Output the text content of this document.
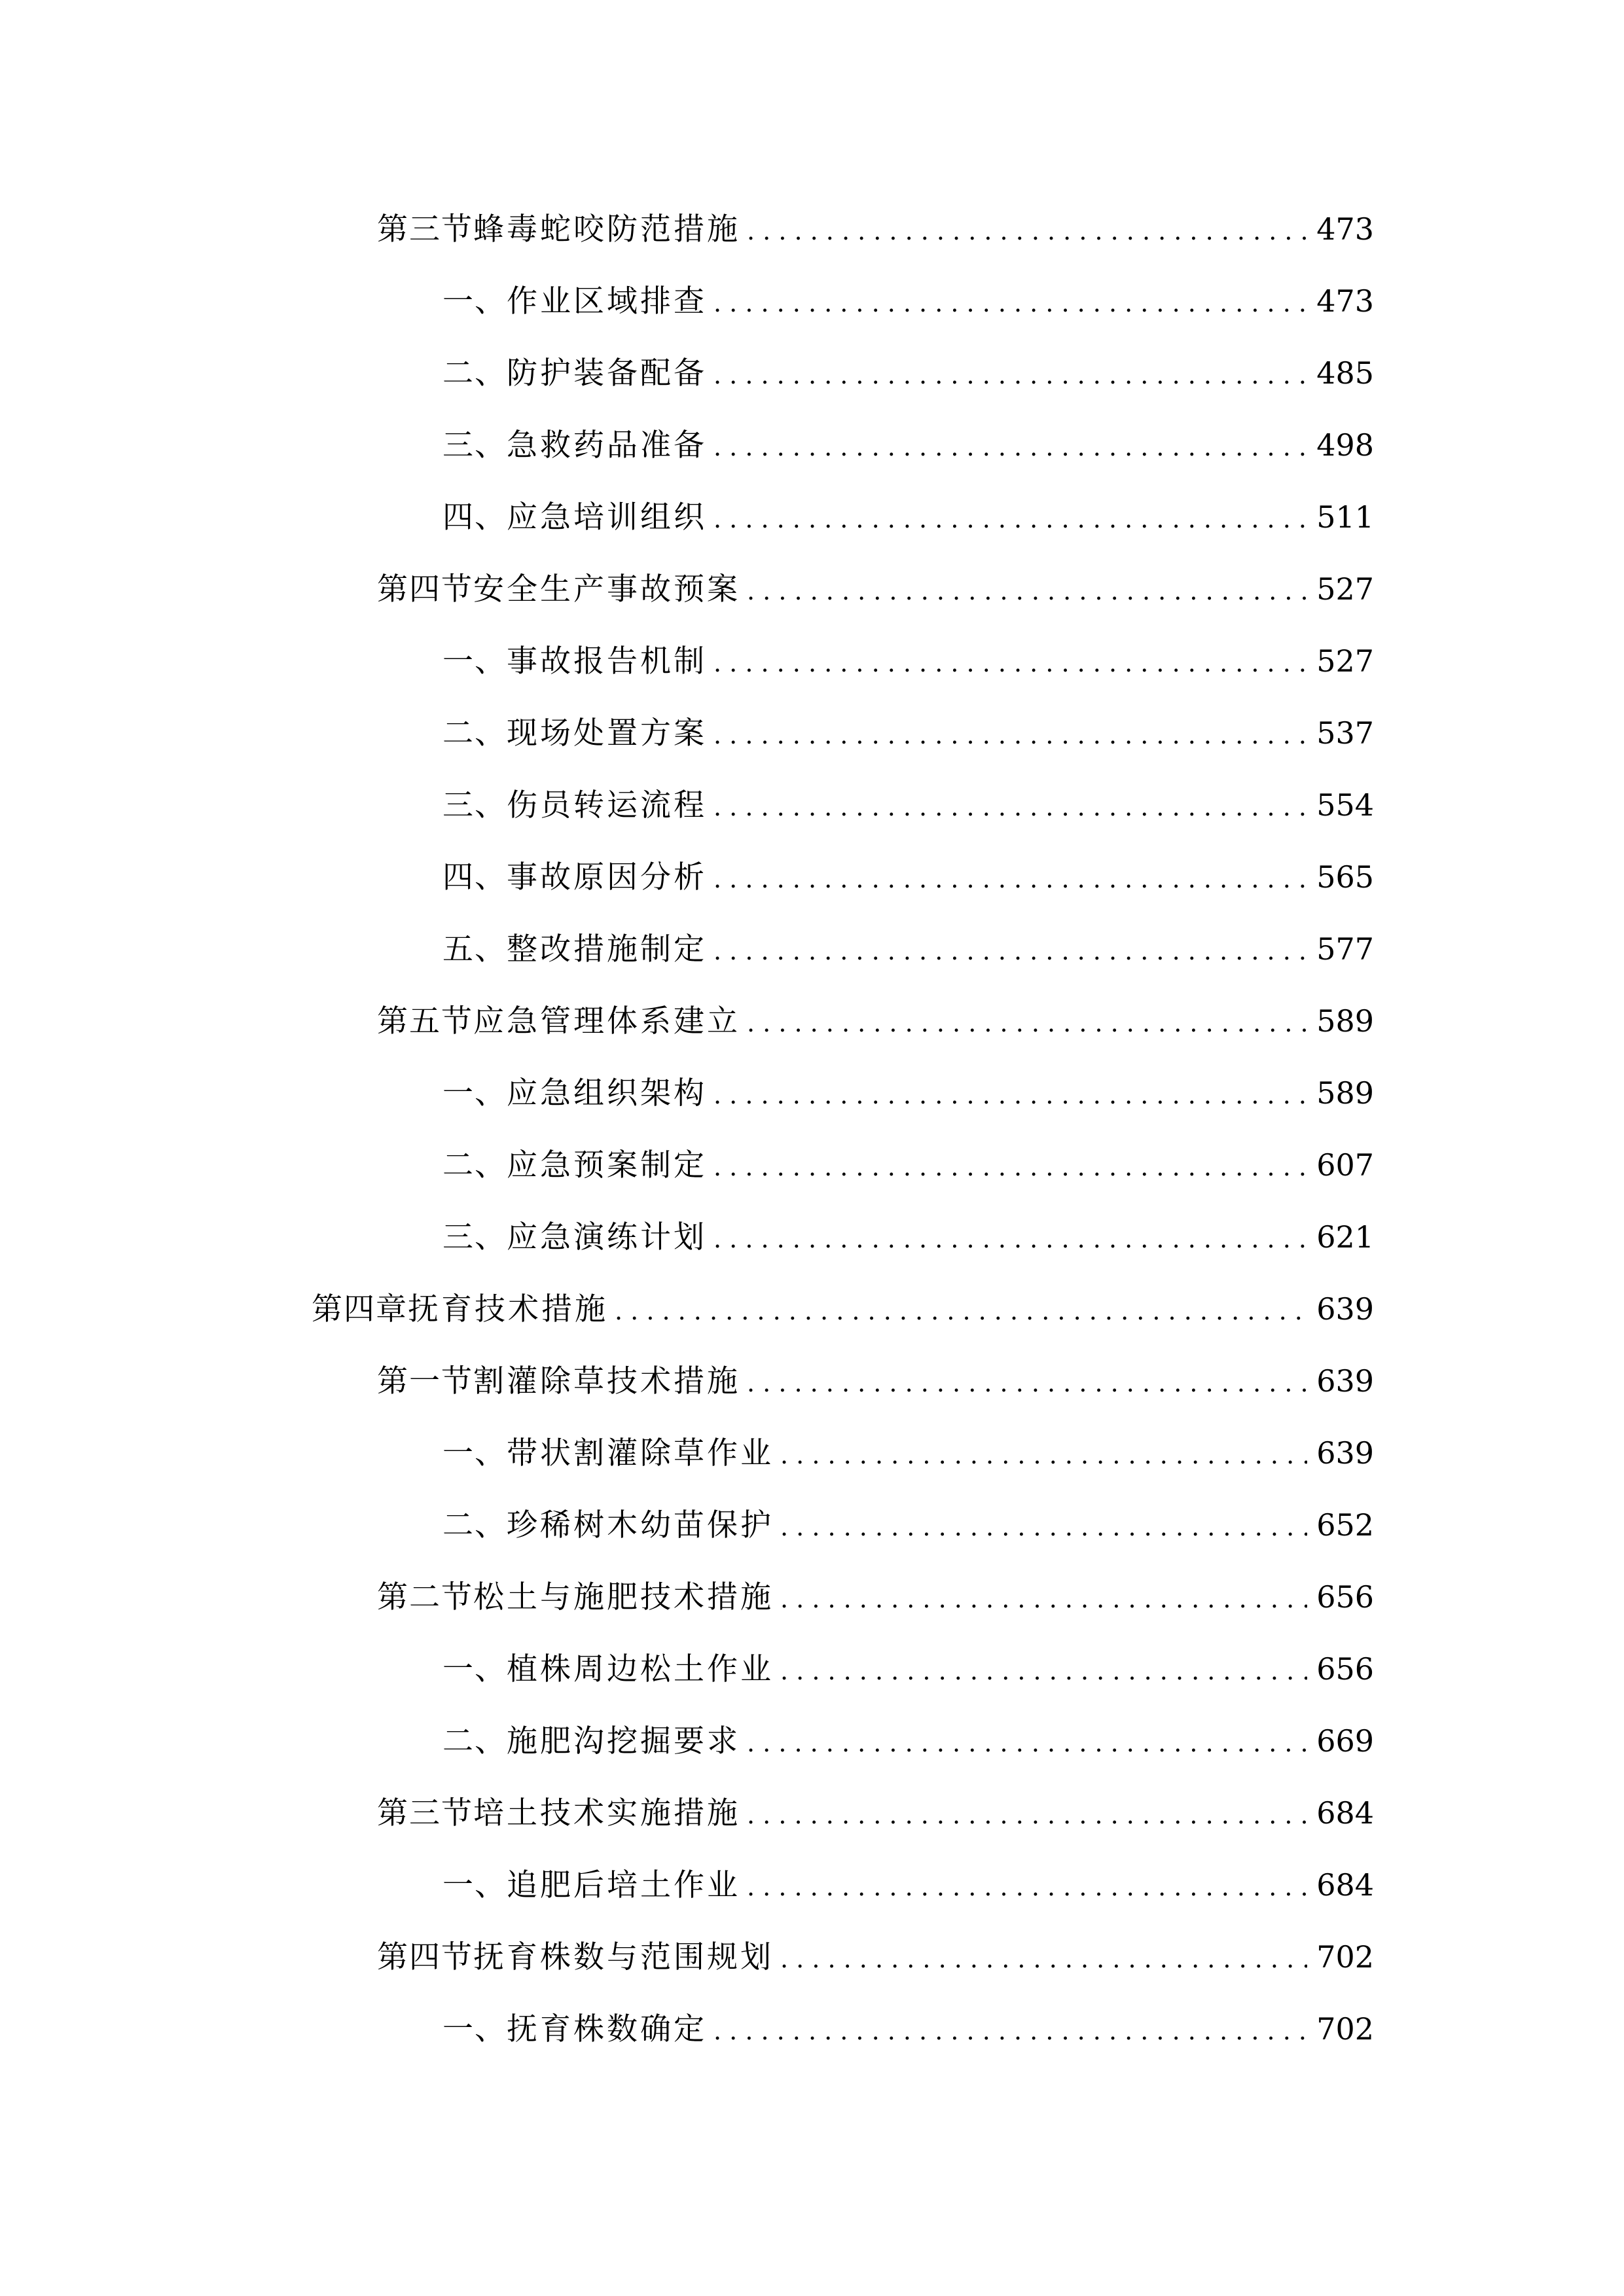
第三节 蜂毒蛇咬防范措施 . . .	473
一、 作业区域排查 . . .	473
二、 防护装备配备 . . .	485
三、 急救药品准备 . . .	498
四、 应急培训组织 . . .	511
第四节 安全生产事故预案 . . .	527
一、 事故报告机制 . . .	527
二、 现场处置方案 . . .	537
三、 伤员转运流程 . . .	554
四、 事故原因分析 . . .	565
五、 整改措施制定 . . .	577
第五节 应急管理体系建立 . . .	589
一、 应急组织架构 . . .	589
二、 应急预案制定 . . .	607
三、 应急演练计划 . . .	621
第四章 抚育技术措施 . . .	639
第一节 割灌除草技术措施 . . .	639
一、 带状割灌除草作业 . . .	639
二、 珍稀树木幼苗保护 . . .	652
第二节 松土与施肥技术措施 . . .	656
一、 植株周边松土作业 . . .	656
二、 施肥沟挖掘要求 . . .	669
第三节 培土技术实施措施 . . .	684
一、 追肥后培土作业 . . .	684
第四节 抚育株数与范围规划 . . .	702
一、 抚育株数确定 . . .	702
